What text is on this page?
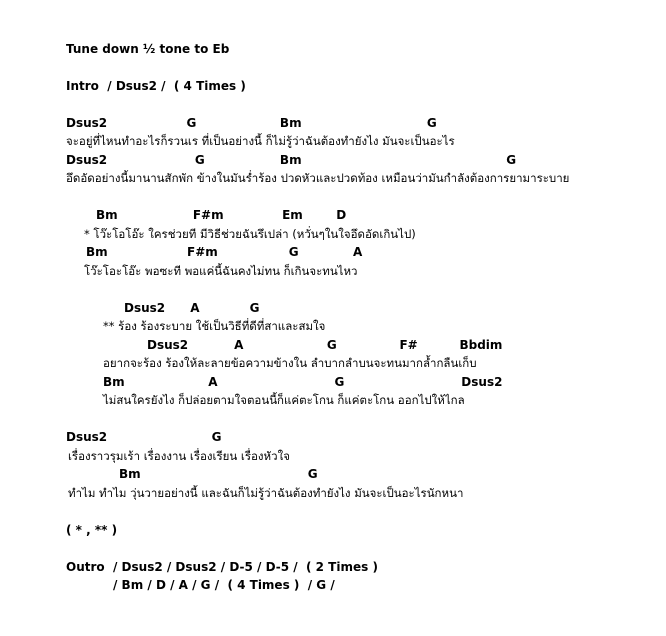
Tune down ½ tone to Eb
Intro  / Dsus2 /  ( 4 Times )
Dsus2                   G                    Bm                              G
จะอยู่ที่ไหนทำอะไรก็รวนเร ที่เป็นอย่างนี้ ก็ไม่รู้ว่าฉันต้องทำยังไง มันจะเป็นอะไร
Dsus2                     G                  Bm                                                 G
อึดอัดอย่างนี้มานานสักพัก ข้างในมันร่ำร้อง ปวดหัวและปวดท้อง เหมือนว่ามันกำลังต้องการยามาระบาย
Bm                  F#m              Em        D
* โว๊ะโอโอ๊ะ ใครช่วยที มีวิธีช่วยฉันรึเปล่า (หวั่นๆในใจอึดอัดเกินไป)
Bm                   F#m                 G             A
โว๊ะโอะโอ๊ะ พอซะที พอแค่นี้ฉันคงไม่ทน ก็เกินจะทนไหว
Dsus2      A            G
** ร้อง ร้องระบาย ใช้เป็นวิธีที่ดีที่สาและสมใจ
Dsus2           A                    G               F#          Bbdim
อยากจะร้อง ร้องให้ละลายข้อความข้างใน ลำบากลำบนจะทนมากล้ำกลืนเก็บ
Bm                    A                            G                            Dsus2
ไม่สนใครยังไง ก็ปล่อยตามใจตอนนี้ก็แค่ตะโกน ก็แค่ตะโกน ออกไปให้ไกล
Dsus2                         G
เรื่องราวรุมเร้า เรื่องงาน เรื่องเรียน เรื่องหัวใจ
Bm                                        G
ทำไม ทำไม วุ่นวายอย่างนี้ และฉันก็ไม่รู้ว่าฉันต้องทำยังไง มันจะเป็นอะไรนักหนา
( * , ** )
Outro  / Dsus2 / Dsus2 / D-5 / D-5 /  ( 2 Times )
/ Bm / D / A / G /  ( 4 Times )  / G /
